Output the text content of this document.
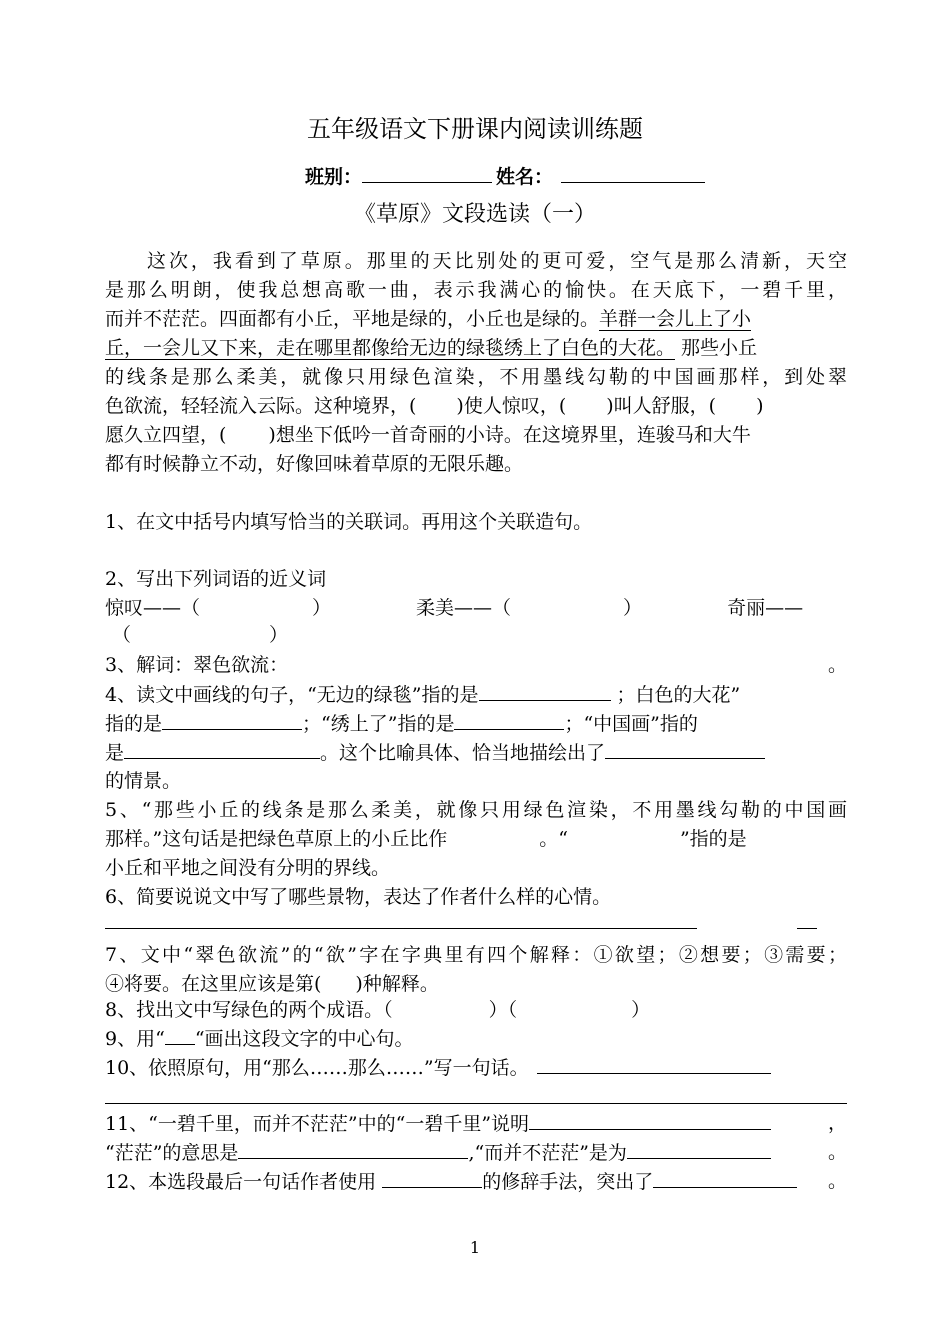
五年级语文下册课内阅读训练题
班别：	姓名：
《草原》文段选读（一）
这次，我看到了草原。那里的天比别处的更可爱，空气是那么清新，天空
是那么明朗，使我总想高歌一曲，表示我满心的愉快。在天底下，一碧千里，
而并不茫茫。四面都有小丘，平地是绿的，小丘也是绿的。羊群一会儿上了小
丘，一会儿又下来，走在哪里都像给无边的绿毯绣上了白色的大花。 那些小丘
的线条是那么柔美，就像只用绿色渲染，不用墨线勾勒的中国画那样，到处翠
色欲流，轻轻流入云际。这种境界，( )使人惊叹，( )叫人舒服，( )
愿久立四望，( )想坐下低吟一首奇丽的小诗。在这境界里，连骏马和大牛
都有时候静立不动，好像回味着草原的无限乐趣。
1、在文中括号内填写恰当的关联词。再用这个关联造句。
2、写出下列词语的近义词
惊叹——（	）	柔美——（	）	奇丽——
（	）
3、解词：翠色欲流：	。
4、读文中画线的句子，“无边的绿毯”指的是	；白色的大花”
指的是	；“绣上了”指的是	；“中国画”指的
是	。这个比喻具体、恰当地描绘出了
的情景。
5、“那些小丘的线条是那么柔美，就像只用绿色渲染，不用墨线勾勒的中国画
那样。”这句话是把绿色草原上的小丘比作	。“	”指的是
小丘和平地之间没有分明的界线。
6、简要说说文中写了哪些景物，表达了作者什么样的心情。
7、文中“翠色欲流”的“欲”字在字典里有四个解释：①欲望；②想要；③需要；
④将要。在这里应该是第( )种解释。
8、找出文中写绿色的两个成语。（	）（	）
9、用“ “画出这段文字的中心句。
10、依照原句，用“那么……那么……”写一句话。
11、“一碧千里，而并不茫茫”中的“一碧千里”说明	，
“茫茫”的意思是	,“而并不茫茫”是为	。
12、本选段最后一句话作者使用	的修辞手法，突出了	。
1
